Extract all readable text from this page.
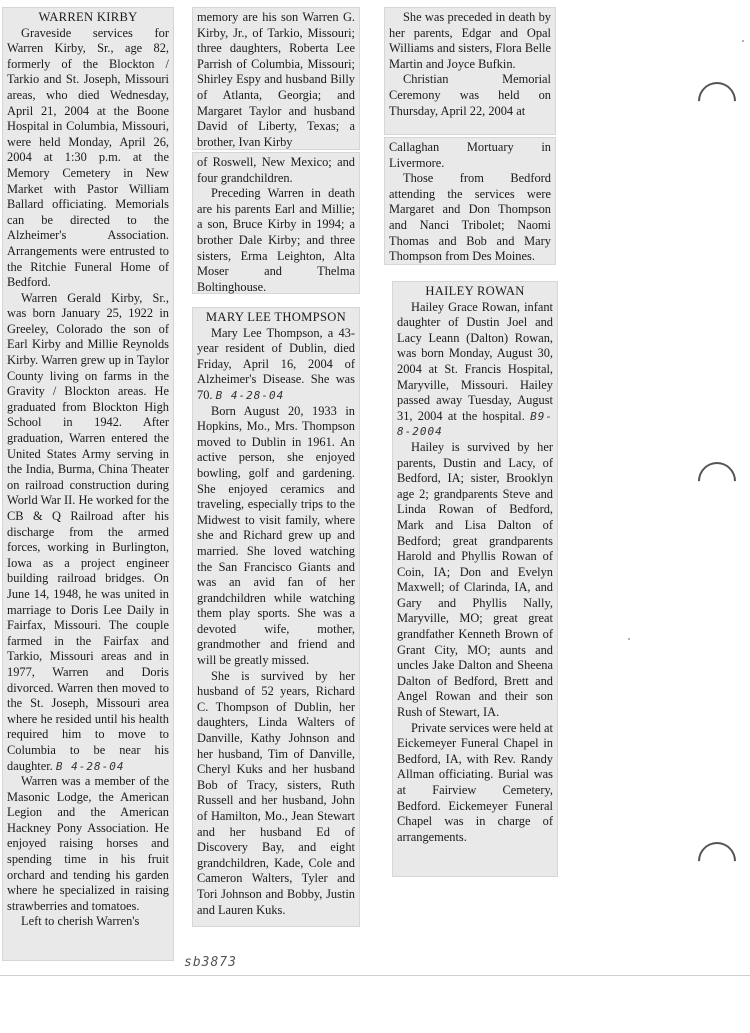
WARREN KIRBY

Graveside services for Warren Kirby, Sr., age 82, formerly of the Blockton / Tarkio and St. Joseph, Missouri areas, who died Wednesday, April 21, 2004 at the Boone Hospital in Columbia, Missouri, were held Monday, April 26, 2004 at 1:30 p.m. at the Memory Cemetery in New Market with Pastor William Ballard officiating. Memorials can be directed to the Alzheimer's Association. Arrangements were entrusted to the Ritchie Funeral Home of Bedford.

Warren Gerald Kirby, Sr., was born January 25, 1922 in Greeley, Colorado the son of Earl Kirby and Millie Reynolds Kirby. Warren grew up in Taylor County living on farms in the Gravity / Blockton areas. He graduated from Blockton High School in 1942. After graduation, Warren entered the United States Army serving in the India, Burma, China Theater on railroad construction during World War II. He worked for the CB & Q Railroad after his discharge from the armed forces, working in Burlington, Iowa as a project engineer building railroad bridges. On June 14, 1948, he was united in marriage to Doris Lee Daily in Fairfax, Missouri. The couple farmed in the Fairfax and Tarkio, Missouri areas and in 1977, Warren and Doris divorced. Warren then moved to the St. Joseph, Missouri area where he resided until his health required him to move to Columbia to be near his daughter. B 4-28-04

Warren was a member of the Masonic Lodge, the American Legion and the American Hackney Pony Association. He enjoyed raising horses and spending time in his fruit orchard and tending his garden where he specialized in raising strawberries and tomatoes.

Left to cherish Warren's

memory are his son Warren G. Kirby, Jr., of Tarkio, Missouri; three daughters, Roberta Lee Parrish of Columbia, Missouri; Shirley Espy and husband Billy of Atlanta, Georgia; and Margaret Taylor and husband David of Liberty, Texas; a brother, Ivan Kirby

of Roswell, New Mexico; and four grandchildren.

Preceding Warren in death are his parents Earl and Millie; a son, Bruce Kirby in 1994; a brother Dale Kirby; and three sisters, Erma Leighton, Alta Moser and Thelma Boltinghouse.

MARY LEE THOMPSON

Mary Lee Thompson, a 43-year resident of Dublin, died Friday, April 16, 2004 of Alzheimer's Disease. She was 70. B 4-28-04

Born August 20, 1933 in Hopkins, Mo., Mrs. Thompson moved to Dublin in 1961. An active person, she enjoyed bowling, golf and gardening. She enjoyed ceramics and traveling, especially trips to the Midwest to visit family, where she and Richard grew up and married. She loved watching the San Francisco Giants and was an avid fan of her grandchildren while watching them play sports. She was a devoted wife, mother, grandmother and friend and will be greatly missed.

She is survived by her husband of 52 years, Richard C. Thompson of Dublin, her daughters, Linda Walters of Danville, Kathy Johnson and her husband, Tim of Danville, Cheryl Kuks and her husband Bob of Tracy, sisters, Ruth Russell and her husband, John of Hamilton, Mo., Jean Stewart and her husband Ed of Discovery Bay, and eight grandchildren, Kade, Cole and Cameron Walters, Tyler and Tori Johnson and Bobby, Justin and Lauren Kuks.

She was preceded in death by her parents, Edgar and Opal Williams and sisters, Flora Belle Martin and Joyce Bufkin.

Christian Memorial Ceremony was held on Thursday, April 22, 2004 at

Callaghan Mortuary in Livermore.

Those from Bedford attending the services were Margaret and Don Thompson and Nanci Tribolet; Naomi Thomas and Bob and Mary Thompson from Des Moines.

HAILEY ROWAN

Hailey Grace Rowan, infant daughter of Dustin Joel and Lacy Leann (Dalton) Rowan, was born Monday, August 30, 2004 at St. Francis Hospital, Maryville, Missouri. Hailey passed away Tuesday, August 31, 2004 at the hospital. B9-8-2004

Hailey is survived by her parents, Dustin and Lacy, of Bedford, IA; sister, Brooklyn age 2; grandparents Steve and Linda Rowan of Bedford, Mark and Lisa Dalton of Bedford; great grandparents Harold and Phyllis Rowan of Coin, IA; Don and Evelyn Maxwell; of Clarinda, IA, and Gary and Phyllis Nally, Maryville, MO; great great grandfather Kenneth Brown of Grant City, MO; aunts and uncles Jake Dalton and Sheena Dalton of Bedford, Brett and Angel Rowan and their son Rush of Stewart, IA.

Private services were held at Eickemeyer Funeral Chapel in Bedford, IA, with Rev. Randy Allman officiating. Burial was at Fairview Cemetery, Bedford. Eickemeyer Funeral Chapel was in charge of arrangements.

sb3873
